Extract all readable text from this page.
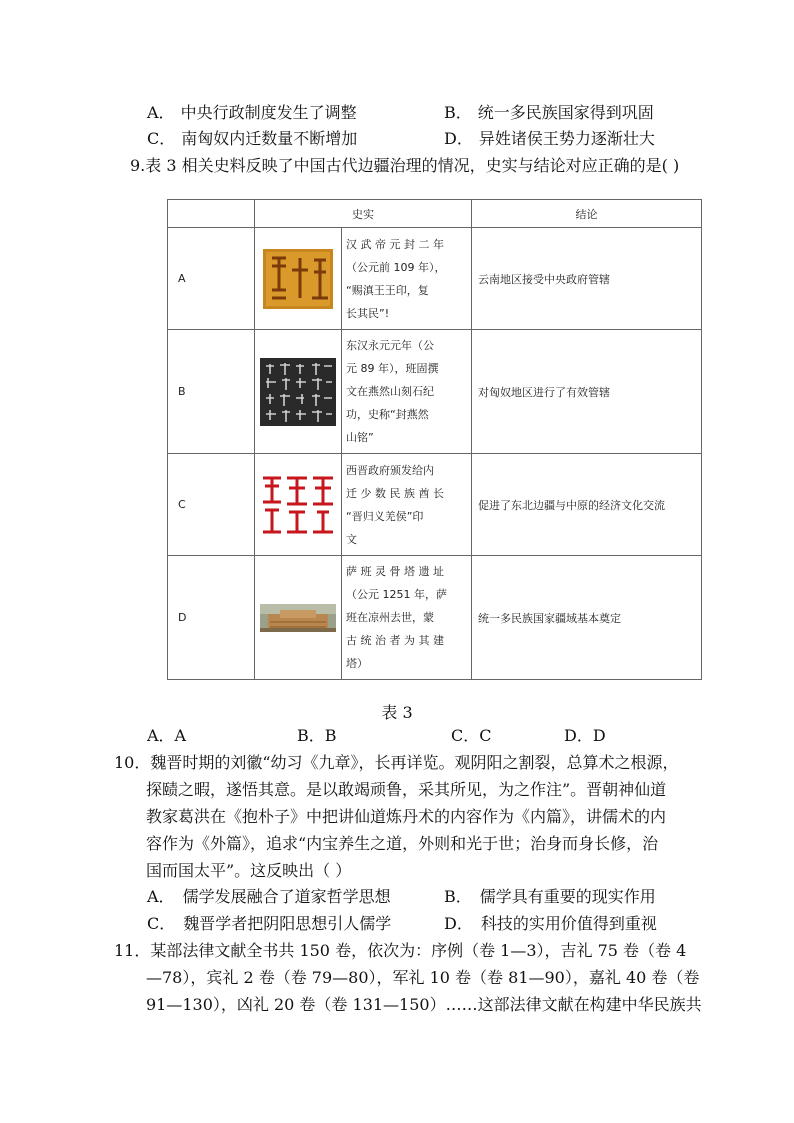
A． 中央行政制度发生了调整	B． 统一多民族国家得到巩固
C． 南匈奴内迁数量不断增加	D． 异姓诸侯王势力逐渐壮大
9.表 3 相关史料反映了中国古代边疆治理的情况，史实与结论对应正确的是( )
	史实		结论
A		汉 武 帝 元 封 二 年
（公元前 109 年），
“赐滇王王印，复
长其民”!	云南地区接受中央政府管辖
B		东汉永元元年（公
元 89 年），班固撰
文在燕然山刻石纪
功，史称“封燕然
山铭”	对匈奴地区进行了有效管辖
C		西晋政府颁发给内
迁 少 数 民 族 酋 长
“晋归义羌侯”印
文	促进了东北边疆与中原的经济文化交流
D		萨 班 灵 骨 塔 遗 址
（公元 1251 年，萨
班在凉州去世，蒙
古 统 治 者 为 其 建
塔）	统一多民族国家疆域基本奠定
表 3
A．A	B．B	C．C	D．D
10．魏晋时期的刘徽“幼习《九章》，长再详览。观阴阳之割裂，总算术之根源，
探赜之暇，遂悟其意。是以敢竭顽鲁，采其所见，为之作注”。晋朝神仙道
教家葛洪在《抱朴子》中把讲仙道炼丹术的内容作为《内篇》，讲儒术的内
容作为《外篇》，追求“内宝养生之道，外则和光于世；治身而身长修，治
国而国太平”。这反映出（ ）
A． 儒学发展融合了道家哲学思想	B． 儒学具有重要的现实作用
C． 魏晋学者把阴阳思想引人儒学	D． 科技的实用价值得到重视
11．某部法律文献全书共 150 卷，依次为：序例（卷 1—3），吉礼 75 卷（卷 4
—78），宾礼 2 卷（卷 79—80），军礼 10 卷（卷 81—90），嘉礼 40 卷（卷
91—130），凶礼 20 卷（卷 131—150）……这部法律文献在构建中华民族共
